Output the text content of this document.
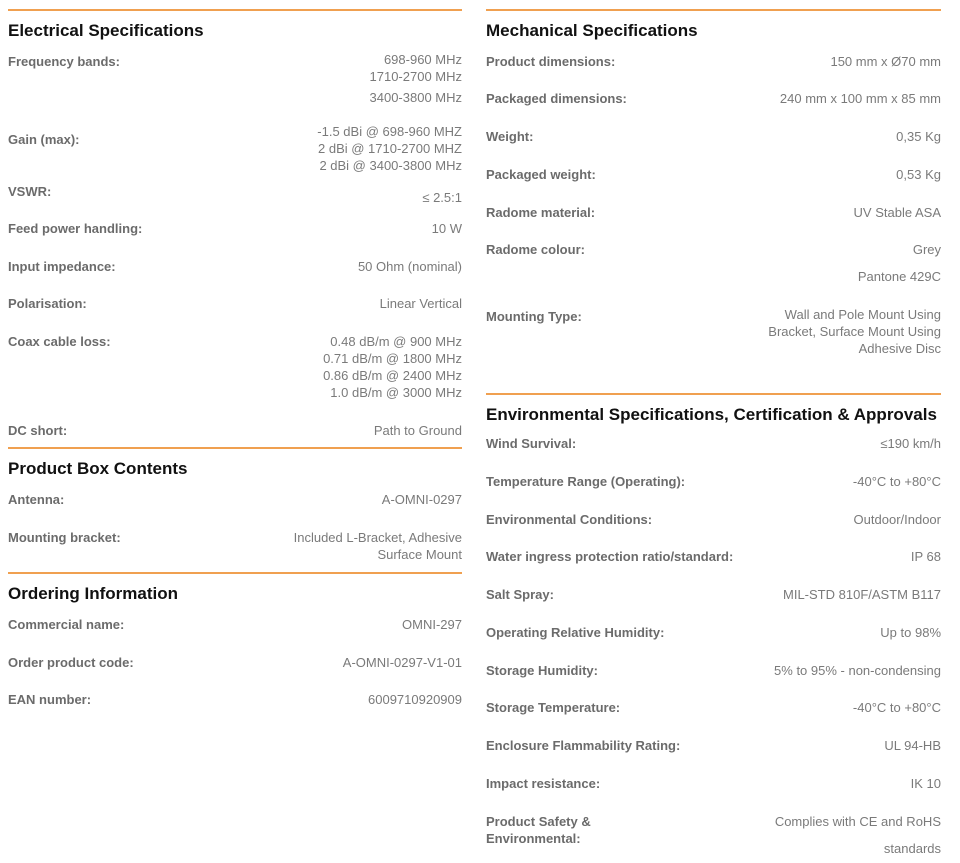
Electrical Specifications
Frequency bands:	698-960 MHz
1710-2700 MHz
3400-3800 MHz
Gain (max):
-1.5 dBi @ 698-960 MHZ
2 dBi @ 1710-2700 MHZ
2 dBi @ 3400-3800 MHz
VSWR:	≤ 2.5:1
Feed power handling:	10 W
Input impedance:	50 Ohm (nominal)
Polarisation:	Linear Vertical
Coax cable loss:	0.48 dB/m @ 900 MHz
0.71 dB/m @ 1800 MHz
0.86 dB/m @ 2400 MHz
1.0 dB/m @ 3000 MHz
DC short:	Path to Ground
Product Box Contents
Antenna:	A-OMNI-0297
Mounting bracket:	Included L-Bracket, Adhesive
Surface Mount
Ordering Information
Commercial name:	OMNI-297
Order product code:	A-OMNI-0297-V1-01
EAN number:	6009710920909
Mechanical Specifications
Product dimensions:	150 mm x Ø70 mm
Packaged dimensions:	240 mm x 100 mm x 85 mm
Weight:	0,35 Kg
Packaged weight:	0,53 Kg
Radome material:	UV Stable ASA
Radome colour:	Grey
Pantone 429C
Mounting Type:	Wall and Pole Mount Using
Bracket, Surface Mount Using
Adhesive Disc
Environmental Specifications, Certification & Approvals
Wind Survival:	≤190 km/h
Temperature Range (Operating):	-40°C to +80°C
Environmental Conditions:	Outdoor/Indoor
Water ingress protection ratio/standard:	IP 68
Salt Spray:	MIL-STD 810F/ASTM B117
Operating Relative Humidity:	Up to 98%
Storage Humidity:	5% to 95% - non-condensing
Storage Temperature:	-40°C to +80°C
Enclosure Flammability Rating:	UL 94-HB
Impact resistance:	IK 10
Product Safety & Environmental:
Complies with CE and RoHS
standards
